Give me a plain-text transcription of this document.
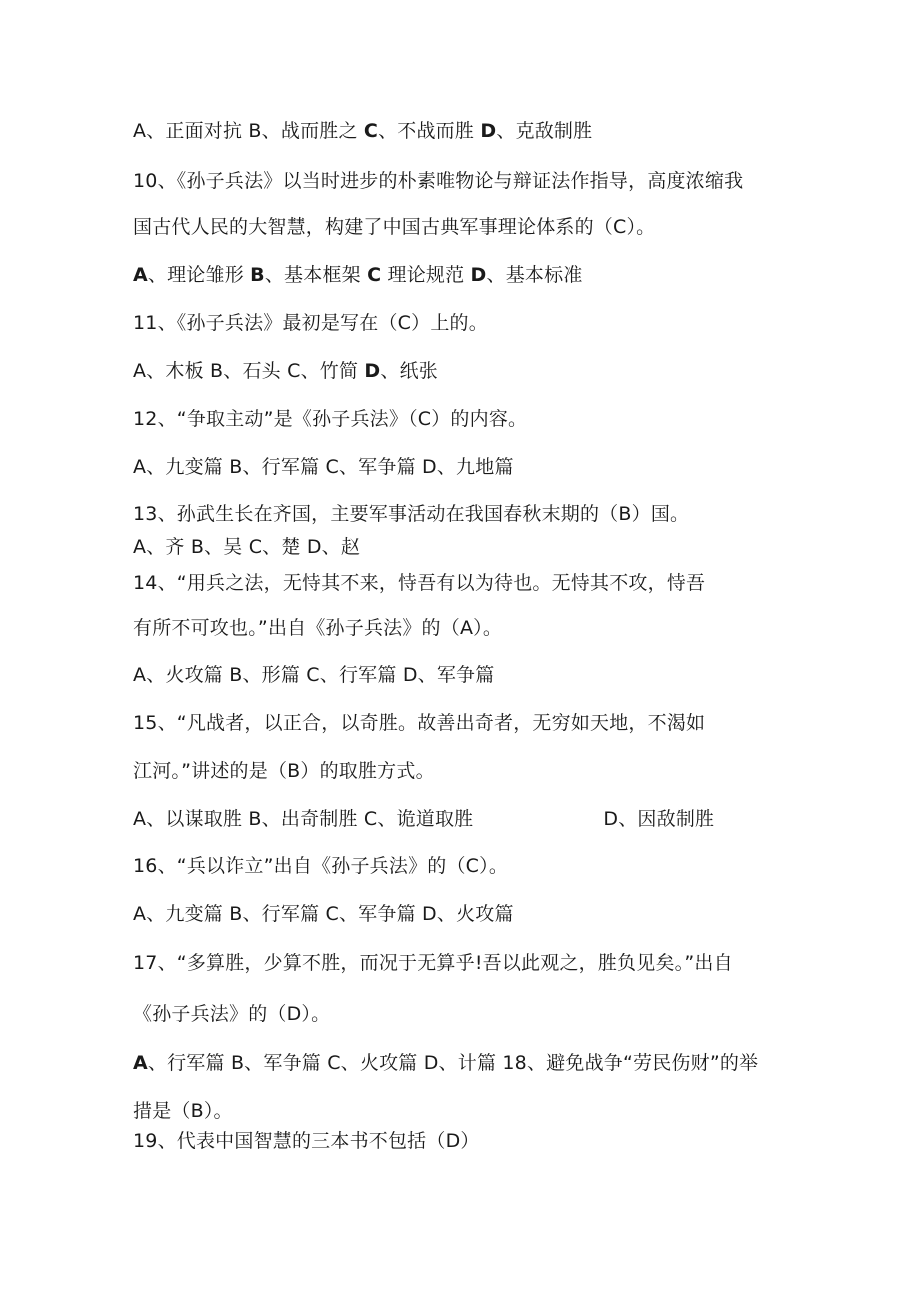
A、正面对抗 B、战而胜之 C、不战而胜 D、克敌制胜
10、《孙子兵法》以当时进步的朴素唯物论与辩证法作指导，高度浓缩我
国古代人民的大智慧，构建了中国古典军事理论体系的（C）。
A、理论雏形 B、基本框架 C 理论规范 D、基本标准
11、《孙子兵法》最初是写在（C）上的。
A、木板 B、石头 C、竹简 D、纸张
12、“争取主动”是《孙子兵法》（C）的内容。
A、九变篇 B、行军篇 C、军争篇 D、九地篇
13、孙武生长在齐国，主要军事活动在我国春秋末期的（B）国。
A、齐 B、吴 C、楚 D、赵
14、“用兵之法，无恃其不来，恃吾有以为待也。无恃其不攻，恃吾
有所不可攻也。”出自《孙子兵法》的（A）。
A、火攻篇 B、形篇 C、行军篇 D、军争篇
15、“凡战者，以正合，以奇胜。故善出奇者，无穷如天地，不渴如
江河。”讲述的是（B）的取胜方式。
A、以谋取胜 B、出奇制胜 C、诡道取胜	D、因敌制胜
16、“兵以诈立”出自《孙子兵法》的（C）。
A、九变篇 B、行军篇 C、军争篇 D、火攻篇
17、“多算胜，少算不胜，而况于无算乎!吾以此观之，胜负见矣。”出自
《孙子兵法》的（D）。
A、行军篇 B、军争篇 C、火攻篇 D、计篇 18、避免战争“劳民伤财”的举
措是（B）。
19、代表中国智慧的三本书不包括（D）
